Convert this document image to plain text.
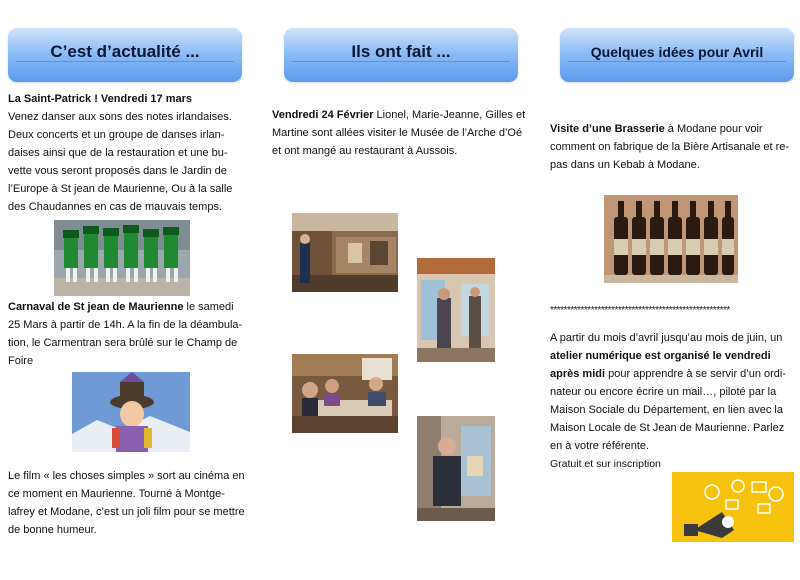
C’est d’actualité ...
La Saint-Patrick ! Vendredi 17 mars
Venez danser aux sons des notes irlandaises.
Deux concerts et un groupe de danses irlan-
daises ainsi que de la restauration et une bu-
vette vous seront proposés dans le Jardin de
l’Europe à St jean de Maurienne, Ou à la salle
des Chaudannes en cas de mauvais temps.
Carnaval de St jean de Maurienne le samedi
25 Mars à partir de 14h. A la fin de la déambula-
tion, le Carmentran sera brûlé sur le Champ de
Foire
Le film « les choses simples » sort au cinéma en
ce moment en Maurienne. Tourné à Montge-
lafrey et Modane, c’est un joli film pour se mettre
de bonne humeur.
Ils ont fait ...
Vendredi 24 Février Lionel, Marie-Jeanne, Gilles et
Martine sont allées visiter le Musée de l’Arche d’Oé
et ont mangé au restaurant à Aussois.
Quelques idées pour Avril
Visite d’une Brasserie à Modane pour voir
comment on fabrique de la Bière Artisanale et re-
pas dans un Kebab à Modane.
*****************************************************
A partir du mois d’avril jusqu’au mois de juin, un
atelier numérique est organisé le vendredi
après midi pour apprendre à se servir d’un ordi-
nateur ou encore écrire un mail…, piloté par la
Maison Sociale du Département, en lien avec la
Maison Locale de St Jean de Maurienne. Parlez
en à votre référente.
Gratuit et sur inscription
